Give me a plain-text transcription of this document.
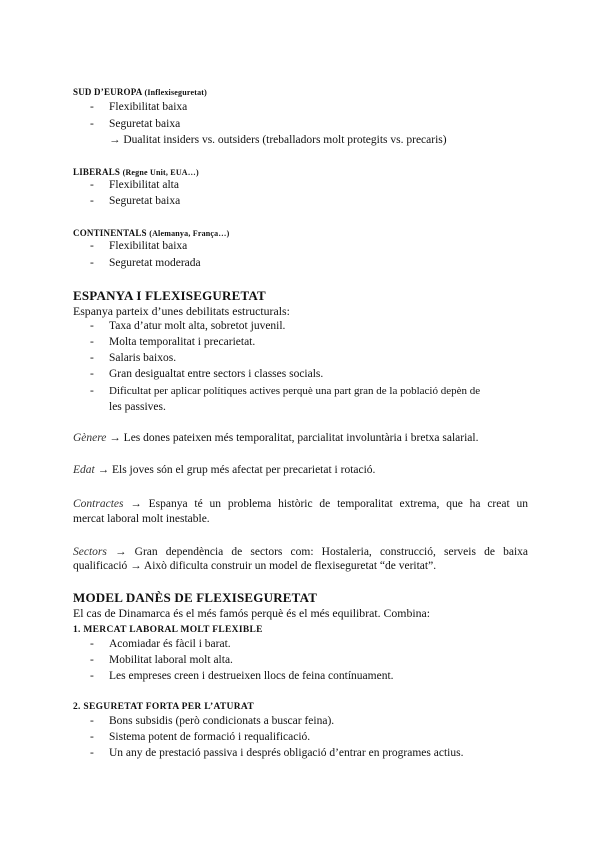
SUD D’EUROPA (Inflexiseguretat)
- Flexibilitat baixa
- Seguretat baixa
→ Dualitat insiders vs. outsiders (treballadors molt protegits vs. precaris)
LIBERALS (Regne Unit, EUA…)
- Flexibilitat alta
- Seguretat baixa
CONTINENTALS (Alemanya, França…)
- Flexibilitat baixa
- Seguretat moderada
ESPANYA I FLEXISEGURETAT
Espanya parteix d’unes debilitats estructurals:
- Taxa d’atur molt alta, sobretot juvenil.
- Molta temporalitat i precarietat.
- Salaris baixos.
- Gran desigualtat entre sectors i classes socials.
- Dificultat per aplicar polítiques actives perquè una part gran de la població depèn de
les passives.
Gènere → Les dones pateixen més temporalitat, parcialitat involuntària i bretxa salarial.
Edat → Els joves són el grup més afectat per precarietat i rotació.
Contractes → Espanya té un problema històric de temporalitat extrema, que ha creat un
mercat laboral molt inestable.
Sectors → Gran dependència de sectors com: Hostaleria, construcció, serveis de baixa
qualificació → Això dificulta construir un model de flexiseguretat “de veritat”.
MODEL DANÈS DE FLEXISEGURETAT
El cas de Dinamarca és el més famós perquè és el més equilibrat. Combina:
1. MERCAT LABORAL MOLT FLEXIBLE
- Acomiadar és fàcil i barat.
- Mobilitat laboral molt alta.
- Les empreses creen i destrueixen llocs de feina contínuament.
2. SEGURETAT FORTA PER L’ATURAT
- Bons subsidis (però condicionats a buscar feina).
- Sistema potent de formació i requalificació.
- Un any de prestació passiva i després obligació d’entrar en programes actius.
